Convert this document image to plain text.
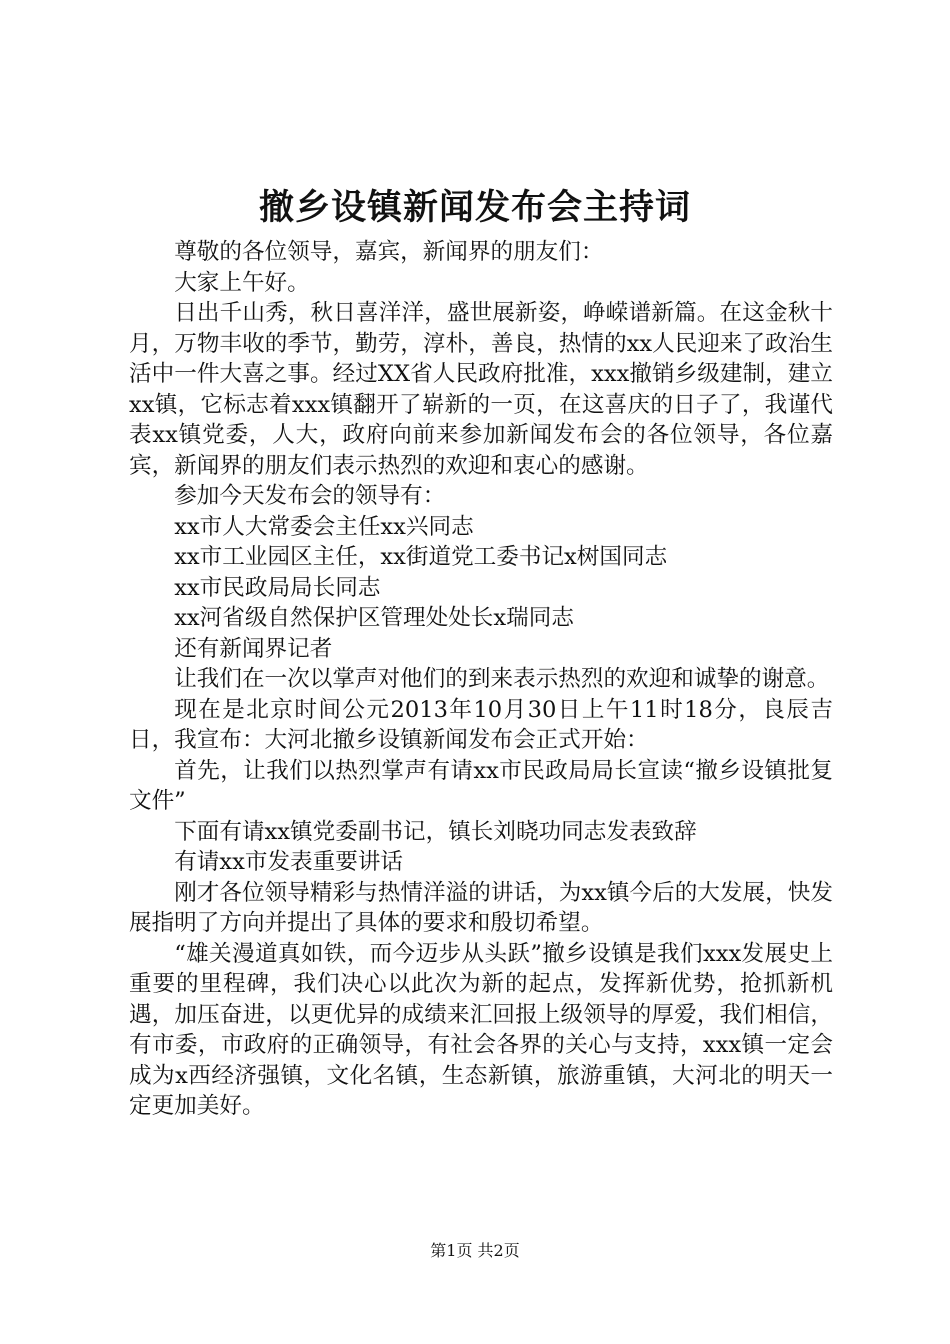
撤乡设镇新闻发布会主持词

尊敬的各位领导，嘉宾，新闻界的朋友们：

大家上午好。

日出千山秀，秋日喜洋洋，盛世展新姿，峥嵘谱新篇。在这金秋十月，万物丰收的季节，勤劳，淳朴，善良，热情的xx人民迎来了政治生活中一件大喜之事。经过XX省人民政府批准，xxx撤销乡级建制，建立xx镇，它标志着xxx镇翻开了崭新的一页，在这喜庆的日子了，我谨代表xx镇党委，人大，政府向前来参加新闻发布会的各位领导，各位嘉宾，新闻界的朋友们表示热烈的欢迎和衷心的感谢。

参加今天发布会的领导有：

xx市人大常委会主任xx兴同志

xx市工业园区主任，xx街道党工委书记x树国同志

xx市民政局局长同志

xx河省级自然保护区管理处处长x瑞同志

还有新闻界记者

让我们在一次以掌声对他们的到来表示热烈的欢迎和诚挚的谢意。

现在是北京时间公元2013年10月30日上午11时18分，良辰吉日，我宣布：大河北撤乡设镇新闻发布会正式开始：

首先，让我们以热烈掌声有请xx市民政局局长宣读“撤乡设镇批复文件”

下面有请xx镇党委副书记，镇长刘晓功同志发表致辞

有请xx市发表重要讲话

刚才各位领导精彩与热情洋溢的讲话，为xx镇今后的大发展，快发展指明了方向并提出了具体的要求和殷切希望。

“雄关漫道真如铁，而今迈步从头跃”撤乡设镇是我们xxx发展史上重要的里程碑，我们决心以此次为新的起点，发挥新优势，抢抓新机遇，加压奋进，以更优异的成绩来汇回报上级领导的厚爱，我们相信，有市委，市政府的正确领导，有社会各界的关心与支持，xxx镇一定会成为x西经济强镇，文化名镇，生态新镇，旅游重镇，大河北的明天一定更加美好。

第1页 共2页
